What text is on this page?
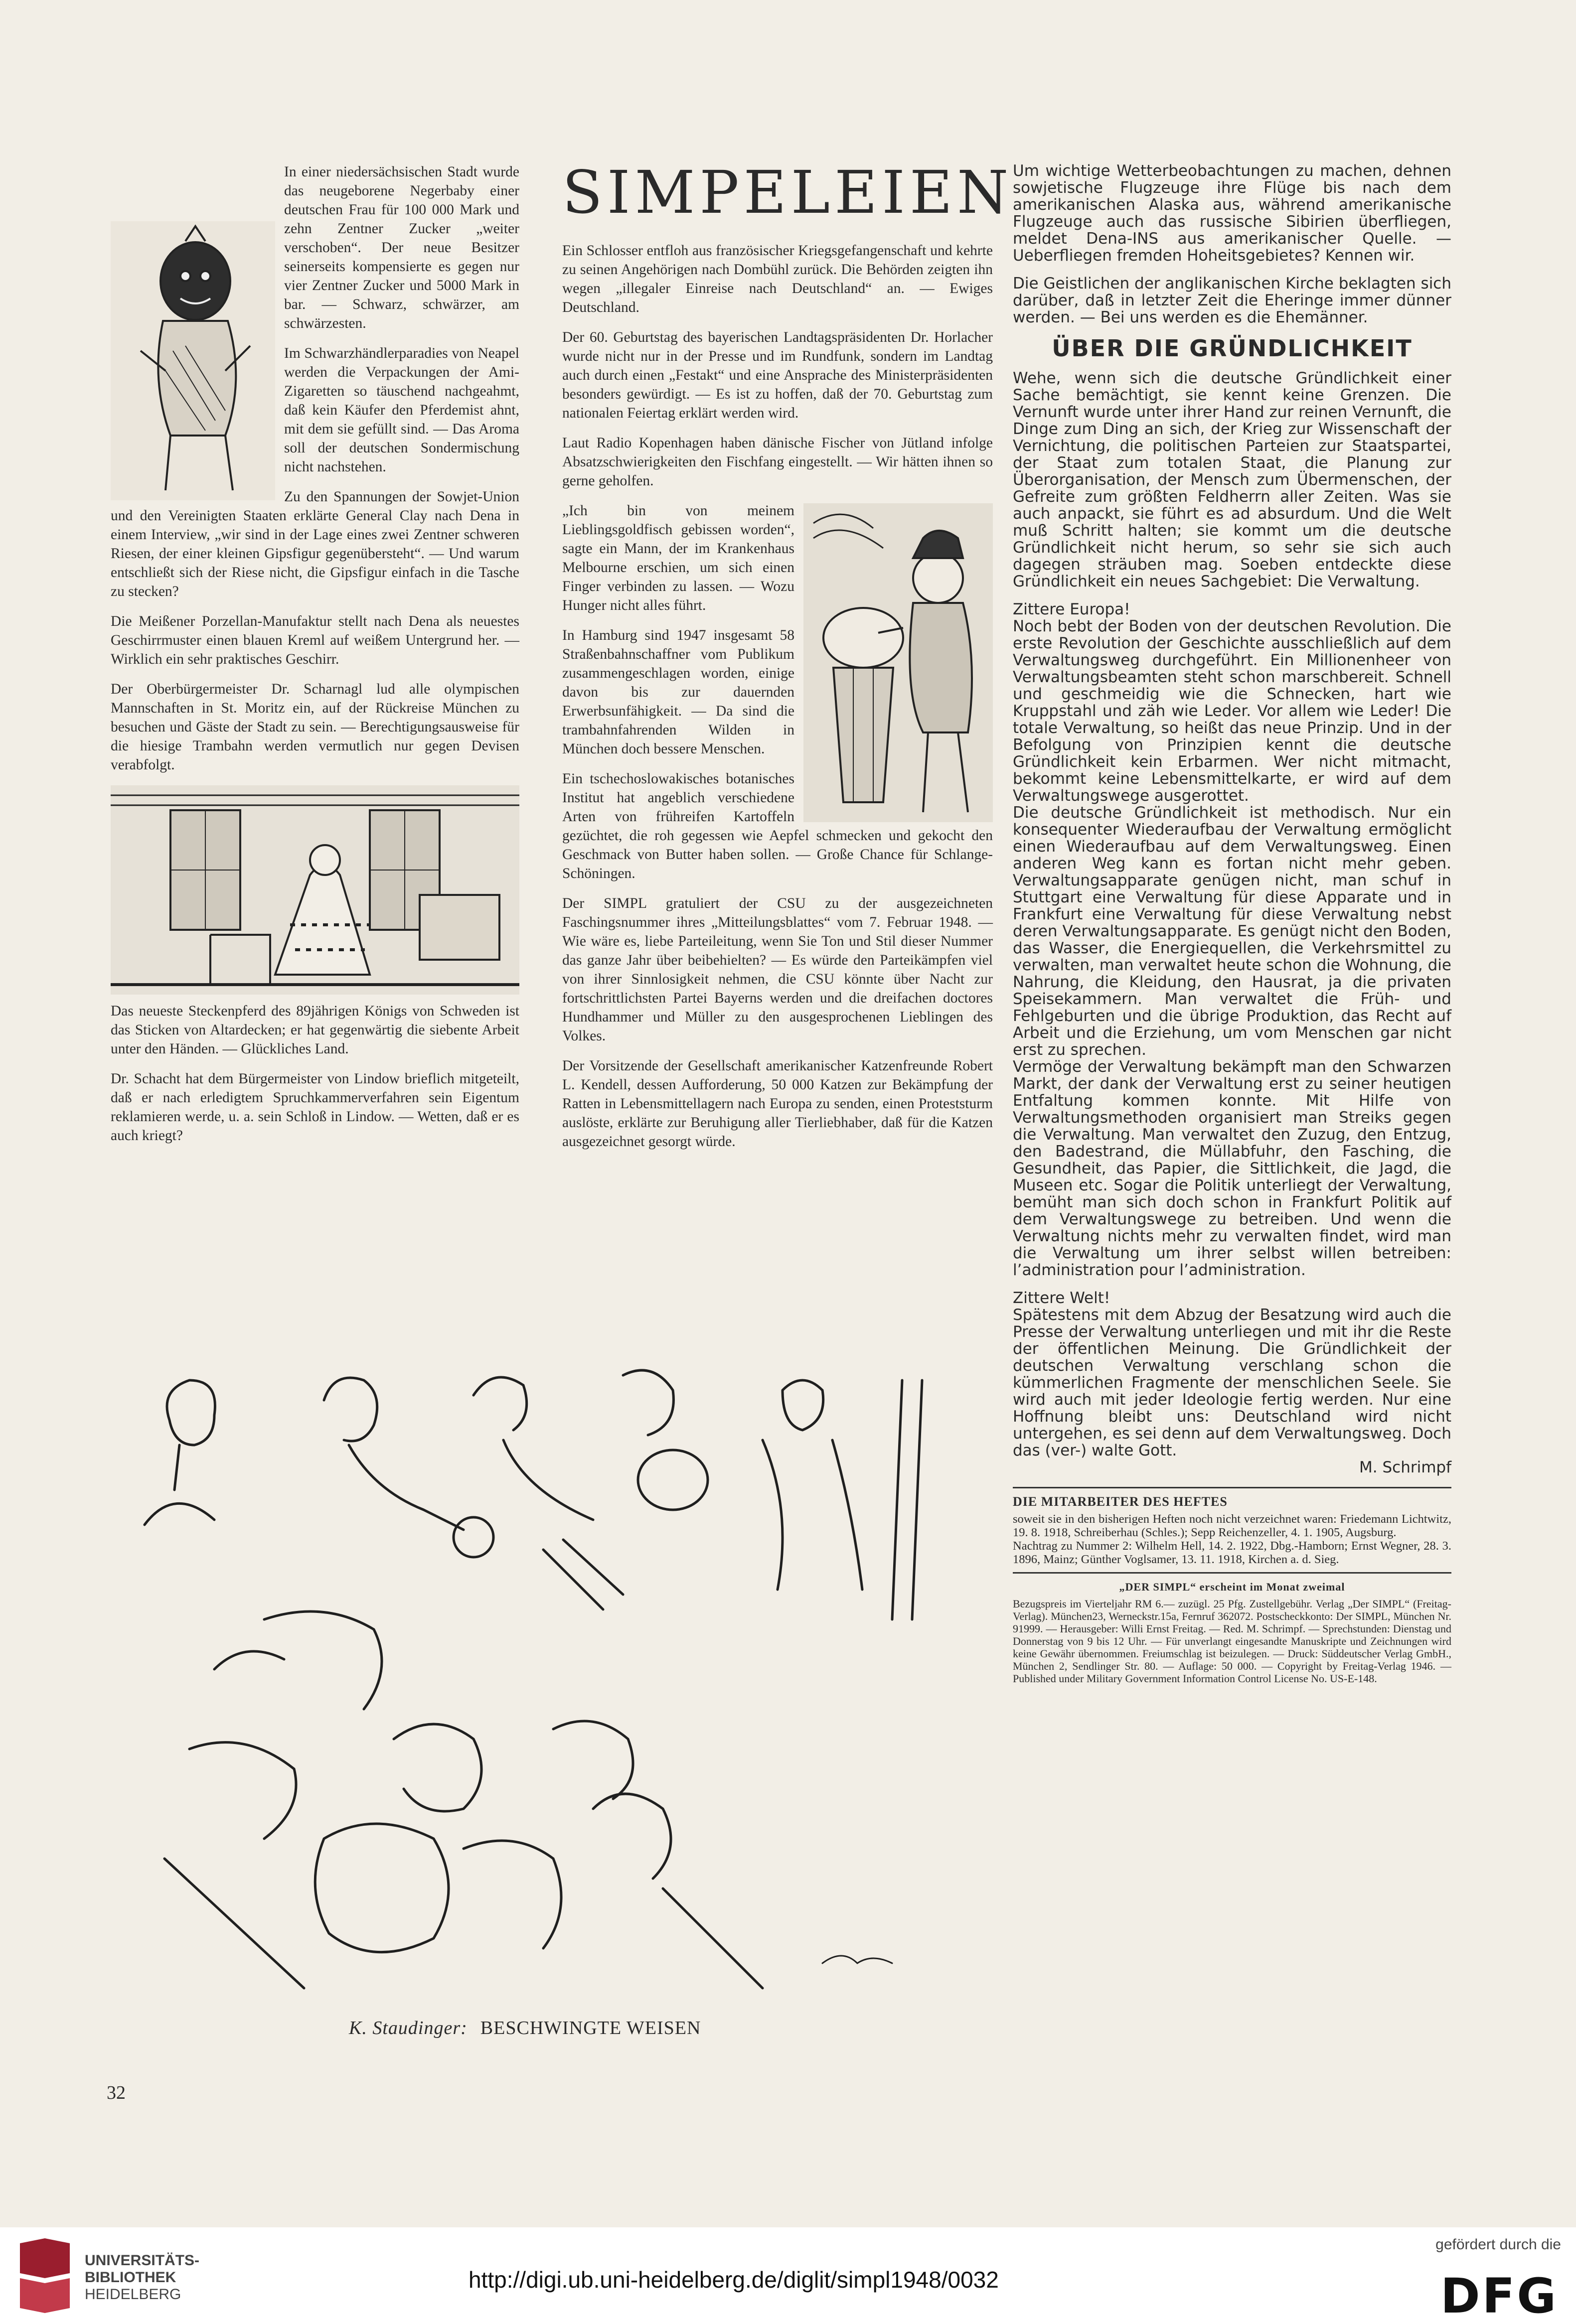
In einer niedersächsischen Stadt wurde das neugeborene Negerbaby einer deutschen Frau für 100 000 Mark und zehn Zentner Zucker „weiter verschoben“. Der neue Besitzer seinerseits kompensierte es gegen nur vier Zentner Zucker und 5000 Mark in bar. — Schwarz, schwärzer, am schwärzesten.

Im Schwarzhändlerparadies von Neapel werden die Verpackungen der Ami-Zigaretten so täuschend nachgeahmt, daß kein Käufer den Pferdemist ahnt, mit dem sie gefüllt sind. — Das Aroma soll der deutschen Sondermischung nicht nachstehen.

Zu den Spannungen der Sowjet-Union und den Vereinigten Staaten erklärte General Clay nach Dena in einem Interview, „wir sind in der Lage eines zwei Zentner schweren Riesen, der einer kleinen Gipsfigur gegenübersteht“. — Und warum entschließt sich der Riese nicht, die Gipsfigur einfach in die Tasche zu stecken?

Die Meißener Porzellan-Manufaktur stellt nach Dena als neuestes Geschirrmuster einen blauen Kreml auf weißem Untergrund her. — Wirklich ein sehr praktisches Geschirr.

Der Oberbürgermeister Dr. Scharnagl lud alle olympischen Mannschaften in St. Moritz ein, auf der Rückreise München zu besuchen und Gäste der Stadt zu sein. — Berechtigungsausweise für die hiesige Trambahn werden vermutlich nur gegen Devisen verabfolgt.

Das neueste Steckenpferd des 89jährigen Königs von Schweden ist das Sticken von Altardecken; er hat gegenwärtig die siebente Arbeit unter den Händen. — Glückliches Land.

Dr. Schacht hat dem Bürgermeister von Lindow brieflich mitgeteilt, daß er nach erledigtem Spruchkammerverfahren sein Eigentum reklamieren werde, u. a. sein Schloß in Lindow. — Wetten, daß er es auch kriegt?

SIMPELEIEN

Ein Schlosser entfloh aus französischer Kriegsgefangenschaft und kehrte zu seinen Angehörigen nach Dombühl zurück. Die Behörden zeigten ihn wegen „illegaler Einreise nach Deutschland“ an. — Ewiges Deutschland.

Der 60. Geburtstag des bayerischen Landtagspräsidenten Dr. Horlacher wurde nicht nur in der Presse und im Rundfunk, sondern im Landtag auch durch einen „Festakt“ und eine Ansprache des Ministerpräsidenten besonders gewürdigt. — Es ist zu hoffen, daß der 70. Geburtstag zum nationalen Feiertag erklärt werden wird.

Laut Radio Kopenhagen haben dänische Fischer von Jütland infolge Absatzschwierigkeiten den Fischfang eingestellt. — Wir hätten ihnen so gerne geholfen.

„Ich bin von meinem Lieblingsgoldfisch gebissen worden“, sagte ein Mann, der im Krankenhaus Melbourne erschien, um sich einen Finger verbinden zu lassen. — Wozu Hunger nicht alles führt.

In Hamburg sind 1947 insgesamt 58 Straßenbahnschaffner vom Publikum zusammengeschlagen worden, einige davon bis zur dauernden Erwerbsunfähigkeit. — Da sind die trambahnfahrenden Wilden in München doch bessere Menschen.

Ein tschechoslowakisches botanisches Institut hat angeblich verschiedene Arten von frühreifen Kartoffeln gezüchtet, die roh gegessen wie Aepfel schmecken und gekocht den Geschmack von Butter haben sollen. — Große Chance für Schlange-Schöningen.

Der SIMPL gratuliert der CSU zu der ausgezeichneten Faschingsnummer ihres „Mitteilungsblattes“ vom 7. Februar 1948. — Wie wäre es, liebe Parteileitung, wenn Sie Ton und Stil dieser Nummer das ganze Jahr über beibehielten? — Es würde den Parteikämpfen viel von ihrer Sinnlosigkeit nehmen, die CSU könnte über Nacht zur fortschrittlichsten Partei Bayerns werden und die dreifachen doctores Hundhammer und Müller zu den ausgesprochenen Lieblingen des Volkes.

Der Vorsitzende der Gesellschaft amerikanischer Katzenfreunde Robert L. Kendell, dessen Aufforderung, 50 000 Katzen zur Bekämpfung der Ratten in Lebensmittellagern nach Europa zu senden, einen Proteststurm auslöste, erklärte zur Beruhigung aller Tierliebhaber, daß für die Katzen ausgezeichnet gesorgt würde.

Um wichtige Wetterbeobachtungen zu machen, dehnen sowjetische Flugzeuge ihre Flüge bis nach dem amerikanischen Alaska aus, während amerikanische Flugzeuge auch das russische Sibirien überfliegen, meldet Dena-INS aus amerikanischer Quelle. — Ueberfliegen fremden Hoheitsgebietes? Kennen wir.

Die Geistlichen der anglikanischen Kirche beklagten sich darüber, daß in letzter Zeit die Eheringe immer dünner werden. — Bei uns werden es die Ehemänner.

ÜBER DIE GRÜNDLICHKEIT

Wehe, wenn sich die deutsche Gründlichkeit einer Sache bemächtigt, sie kennt keine Grenzen. Die Vernunft wurde unter ihrer Hand zur reinen Vernunft, die Dinge zum Ding an sich, der Krieg zur Wissenschaft der Vernichtung, die politischen Parteien zur Staatspartei, der Staat zum totalen Staat, die Planung zur Überorganisation, der Mensch zum Übermenschen, der Gefreite zum größten Feldherrn aller Zeiten. Was sie auch anpackt, sie führt es ad absurdum. Und die Welt muß Schritt halten; sie kommt um die deutsche Gründlichkeit nicht herum, so sehr sie sich auch dagegen sträuben mag. Soeben entdeckte diese Gründlichkeit ein neues Sachgebiet: Die Verwaltung.

Zittere Europa!

Noch bebt der Boden von der deutschen Revolution. Die erste Revolution der Geschichte ausschließlich auf dem Verwaltungsweg durchgeführt. Ein Millionenheer von Verwaltungsbeamten steht schon marschbereit. Schnell und geschmeidig wie die Schnecken, hart wie Kruppstahl und zäh wie Leder. Vor allem wie Leder! Die totale Verwaltung, so heißt das neue Prinzip. Und in der Befolgung von Prinzipien kennt die deutsche Gründlichkeit kein Erbarmen. Wer nicht mitmacht, bekommt keine Lebensmittelkarte, er wird auf dem Verwaltungswege ausgerottet.

Die deutsche Gründlichkeit ist methodisch. Nur ein konsequenter Wiederaufbau der Verwaltung ermöglicht einen Wiederaufbau auf dem Verwaltungsweg. Einen anderen Weg kann es fortan nicht mehr geben. Verwaltungsapparate genügen nicht, man schuf in Stuttgart eine Verwaltung für diese Apparate und in Frankfurt eine Verwaltung für diese Verwaltung nebst deren Verwaltungsapparate. Es genügt nicht den Boden, das Wasser, die Energiequellen, die Verkehrsmittel zu verwalten, man verwaltet heute schon die Wohnung, die Nahrung, die Kleidung, den Hausrat, ja die privaten Speisekammern. Man verwaltet die Früh- und Fehlgeburten und die übrige Produktion, das Recht auf Arbeit und die Erziehung, um vom Menschen gar nicht erst zu sprechen.

Vermöge der Verwaltung bekämpft man den Schwarzen Markt, der dank der Verwaltung erst zu seiner heutigen Entfaltung kommen konnte. Mit Hilfe von Verwaltungsmethoden organisiert man Streiks gegen die Verwaltung. Man verwaltet den Zuzug, den Entzug, den Badestrand, die Müllabfuhr, den Fasching, die Gesundheit, das Papier, die Sittlichkeit, die Jagd, die Museen etc. Sogar die Politik unterliegt der Verwaltung, bemüht man sich doch schon in Frankfurt Politik auf dem Verwaltungswege zu betreiben. Und wenn die Verwaltung nichts mehr zu verwalten findet, wird man die Verwaltung um ihrer selbst willen betreiben: l’administration pour l’administration.

Zittere Welt!

Spätestens mit dem Abzug der Besatzung wird auch die Presse der Verwaltung unterliegen und mit ihr die Reste der öffentlichen Meinung. Die Gründlichkeit der deutschen Verwaltung verschlang schon die kümmerlichen Fragmente der menschlichen Seele. Sie wird auch mit jeder Ideologie fertig werden. Nur eine Hoffnung bleibt uns: Deutschland wird nicht untergehen, es sei denn auf dem Verwaltungsweg. Doch das (ver-) walte Gott.

M. Schrimpf

DIE MITARBEITER DES HEFTES

soweit sie in den bisherigen Heften noch nicht verzeichnet waren: Friedemann Lichtwitz, 19. 8. 1918, Schreiberhau (Schles.); Sepp Reichenzeller, 4. 1. 1905, Augsburg.

Nachtrag zu Nummer 2: Wilhelm Hell, 14. 2. 1922, Dbg.-Hamborn; Ernst Wegner, 28. 3. 1896, Mainz; Günther Voglsamer, 13. 11. 1918, Kirchen a. d. Sieg.

„DER SIMPL“ erscheint im Monat zweimal

Bezugspreis im Vierteljahr RM 6.— zuzügl. 25 Pfg. Zustellgebühr. Verlag „Der SIMPL“ (Freitag-Verlag). München23, Werneckstr.15a, Fernruf 362072. Postscheckkonto: Der SIMPL, München Nr. 91999. — Herausgeber: Willi Ernst Freitag. — Red. M. Schrimpf. — Sprechstunden: Dienstag und Donnerstag von 9 bis 12 Uhr. — Für unverlangt eingesandte Manuskripte und Zeichnungen wird keine Gewähr übernommen. Freiumschlag ist beizulegen. — Druck: Süddeutscher Verlag GmbH., München 2, Sendlinger Str. 80. — Auflage: 50 000. — Copyright by Freitag-Verlag 1946. — Published under Military Government Information Control License No. US-E-148.

K. Staudinger: BESCHWINGTE WEISEN
32
UNIVERSITÄTS-
BIBLIOTHEK
HEIDELBERG
http://digi.ub.uni-heidelberg.de/diglit/simpl1948/0032
gefördert durch die
DFG
